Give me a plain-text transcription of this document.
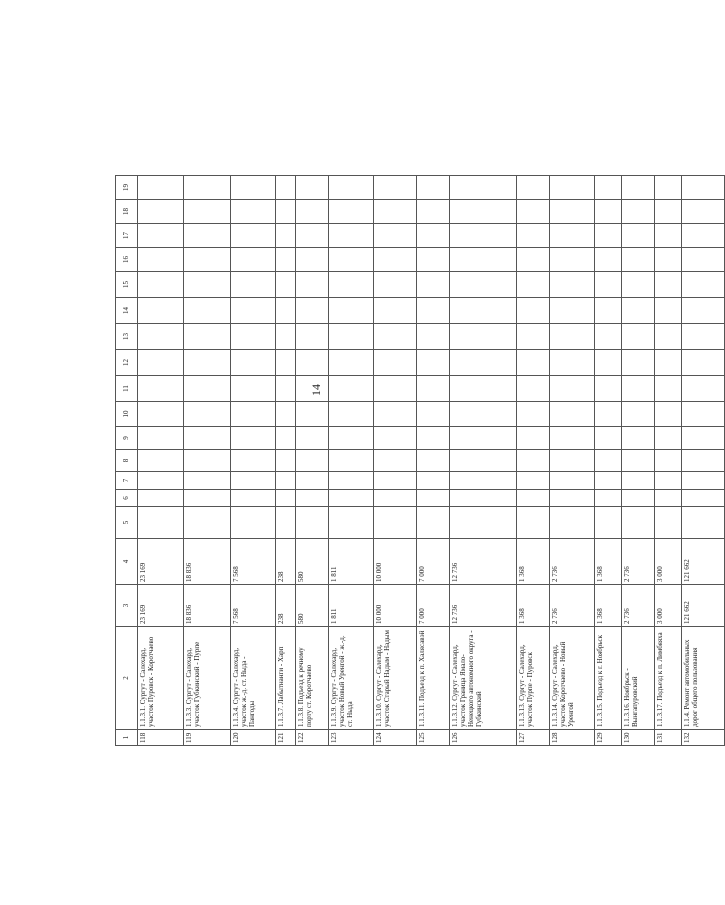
14
1	2	3	4	5	6	7	8	9	10	11	12	13	14	15	16	17	18	19
118	1.1.3.1. Сургут - Салехард, участок Пуровск - Коротчаево	23 169	23 169															
119	1.1.3.3. Сургут - Салехард, участок Губкинский - Пурпе	18 836	18 836															
120	1.1.3.4. Сургут - Салехард, участок ж.-д. ст. Ныда - Пангоды	7 568	7 568															
121	1.1.3.7. Лабытнанги - Харп	238	238															
122	1.1.3.8. Подъезд к речному порту ст. Коротчаево	580	580															
123	1.1.3.9. Сургут - Салехард, участок Новый Уренгой - ж.-д. ст. Ныда	1 811	1 811															
124	1.1.3.10. Сургут - Салехард, участок Старый Надым - Надым	10 000	10 000															
125	1.1.3.11. Подъезд к п. Халясавэй	7 000	7 000															
126	1.1.3.12. Сургут - Салехард, участок Граница Ямало-Ненецкого автономного округа - Губкинский	12 736	12 736															
127	1.1.3.13. Сургут - Салехард, участок Пурпе - Пуровск	1 368	1 368															
128	1.1.3.14. Сургут - Салехард, участок Коротчаево - Новый Уренгой	2 736	2 736															
129	1.1.3.15. Подъезд к г. Ноябрьск	1 368	1 368															
130	1.1.3.16. Ноябрьск - Вынгапуровский	2 736	2 736															
131	1.1.3.17. Подъезд к п. Лимбяяха	3 000	3 000															
132	1.1.4. Ремонт автомобильных дорог общего пользования	121 662	121 662															
